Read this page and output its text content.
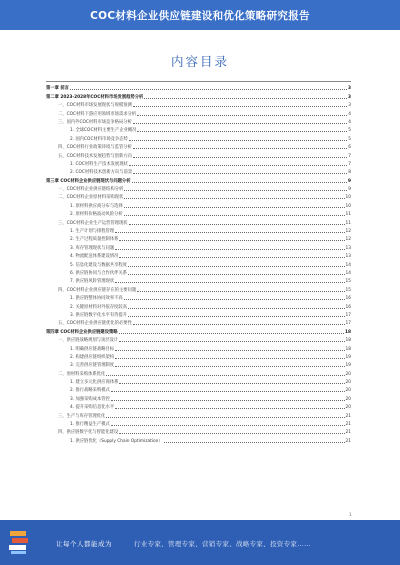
COC材料企业供应链建设和优化策略研究报告
内容目录
第一章 前言	3
第二章 2023-2028年COC材料市场发展趋势分析	3
一、COC材料市场发展现状与规模预测	3
二、COC材料下游应用领域市场需求分析	4
三、国内外COC材料市场竞争格局分析	4
1. 全球COC材料主要生产企业概况	5
2. 国内COC材料市场竞争态势	5
四、COC材料行业政策环境与监管分析	6
五、COC材料技术发展趋势与创新方向	7
1. COC材料生产技术发展现状	7
2. COC材料技术创新方向与前景	8
第三章 COC材料企业供应链现状与问题分析	9
一、COC材料企业供应链结构分析	9
二、COC材料企业原材料采购现状	10
1. 原材料供应商分布与选择	10
2. 原材料价格波动风险分析	11
三、COC材料企业生产运营管理现状	11
1. 生产计划与排程管理	12
2. 生产过程质量控制体系	12
3. 库存管理现状与问题	13
4. 物流配送体系建设情况	13
5. 信息化建设与数据共享程度	14
6. 供应链协同与合作伙伴关系	14
7. 供应链风险管理现状	15
四、COC材料企业供应链存在的主要问题	15
1. 供应链整体协同效率不高	16
2. 关键原材料对外依存度较高	16
3. 供应链数字化水平有待提升	17
五、COC材料企业供应链优化的必要性	17
第四章 COC材料企业供应链建设策略	18
一、供应链战略规划与顶层设计	18
1. 明确供应链战略目标	18
2. 构建供应链组织架构	19
3. 完善供应链管理制度	19
二、原材料采购体系优化	20
1. 建立多元化供应商体系	20
2. 推行战略采购模式	20
3. 加强采购成本管控	20
4. 提升采购信息化水平	20
三、生产与库存管理优化	21
1. 推行精益生产模式	21
四、供应链数字化与智能化建设	21
1. 供应链优化（Supply Chain Optimization）	21
1
让每个人都能成为	行业专家、管理专家、营销专家、战略专家、投资专家……
